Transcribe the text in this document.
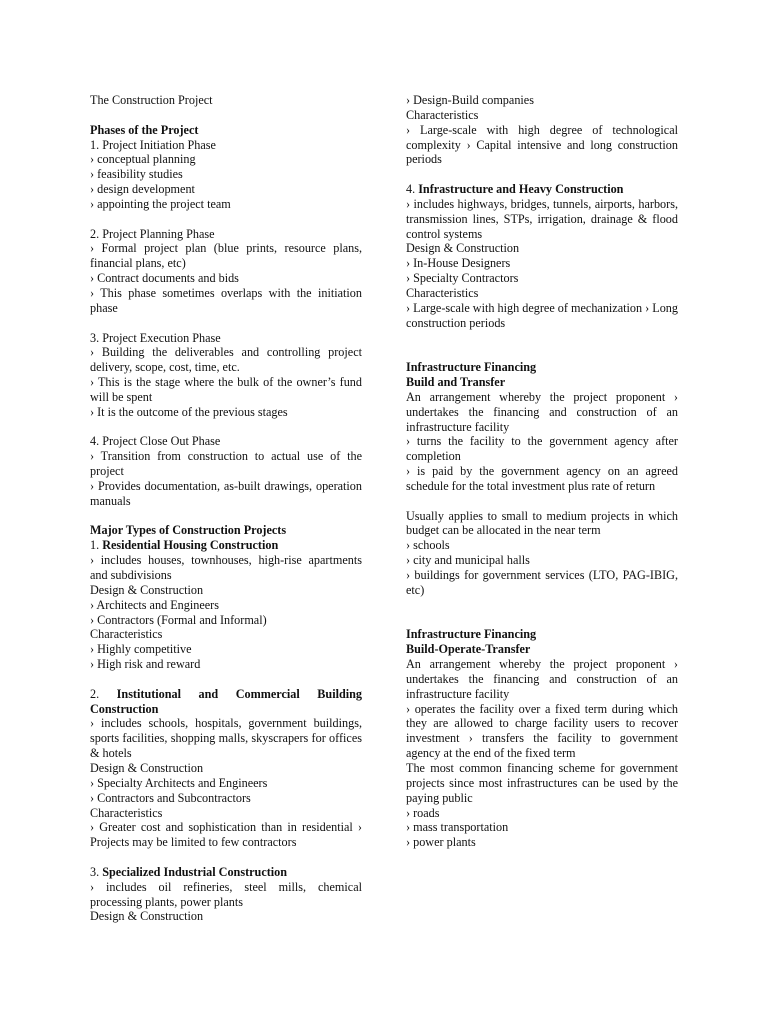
The Construction Project

Phases of the Project

1. Project Initiation Phase

› conceptual planning

› feasibility studies

› design development

› appointing the project team

2. Project Planning Phase

› Formal project plan (blue prints, resource plans, financial plans, etc)

› Contract documents and bids

› This phase sometimes overlaps with the initiation phase

3. Project Execution Phase

› Building the deliverables and controlling project delivery, scope, cost, time, etc.

› This is the stage where the bulk of the owner’s fund will be spent

› It is the outcome of the previous stages

4. Project Close Out Phase

› Transition from construction to actual use of the project

› Provides documentation, as-built drawings, operation manuals

Major Types of Construction Projects

1. Residential Housing Construction

› includes houses, townhouses, high-rise apartments and subdivisions

Design & Construction

› Architects and Engineers

› Contractors (Formal and Informal)

Characteristics

› Highly competitive

› High risk and reward

2. Institutional and Commercial Building Construction

› includes schools, hospitals, government buildings, sports facilities, shopping malls, skyscrapers for offices & hotels

Design & Construction

› Specialty Architects and Engineers

› Contractors and Subcontractors

Characteristics

› Greater cost and sophistication than in residential › Projects may be limited to few contractors

3. Specialized Industrial Construction

› includes oil refineries, steel mills, chemical processing plants, power plants

Design & Construction

› Design-Build companies

Characteristics

› Large-scale with high degree of technological complexity › Capital intensive and long construction periods

4. Infrastructure and Heavy Construction

› includes highways, bridges, tunnels, airports, harbors, transmission lines, STPs, irrigation, drainage & flood control systems

Design & Construction

› In-House Designers

› Specialty Contractors

Characteristics

› Large-scale with high degree of mechanization › Long construction periods

Infrastructure Financing

Build and Transfer

An arrangement whereby the project proponent › undertakes the financing and construction of an infrastructure facility

› turns the facility to the government agency after completion

› is paid by the government agency on an agreed schedule for the total investment plus rate of return

Usually applies to small to medium projects in which budget can be allocated in the near term

› schools

› city and municipal halls

› buildings for government services (LTO, PAG-IBIG, etc)

Infrastructure Financing

Build-Operate-Transfer

An arrangement whereby the project proponent › undertakes the financing and construction of an infrastructure facility

› operates the facility over a fixed term during which they are allowed to charge facility users to recover investment › transfers the facility to government agency at the end of the fixed term

The most common financing scheme for government projects since most infrastructures can be used by the paying public

› roads

› mass transportation

› power plants
